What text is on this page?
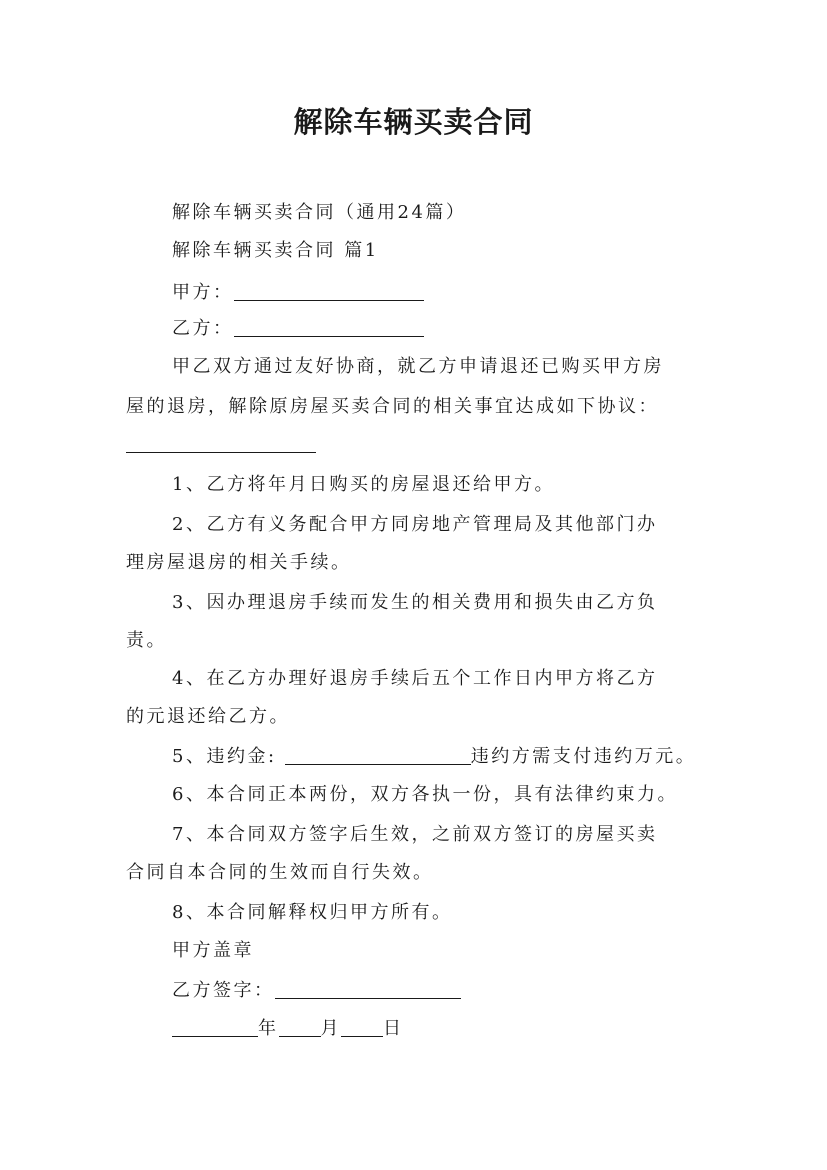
解除车辆买卖合同
解除车辆买卖合同（通用24篇）
解除车辆买卖合同 篇1
甲方：
乙方：
甲乙双方通过友好协商，就乙方申请退还已购买甲方房
屋的退房，解除原房屋买卖合同的相关事宜达成如下协议：
1、乙方将年月日购买的房屋退还给甲方。
2、乙方有义务配合甲方同房地产管理局及其他部门办
理房屋退房的相关手续。
3、因办理退房手续而发生的相关费用和损失由乙方负
责。
4、在乙方办理好退房手续后五个工作日内甲方将乙方
的元退还给乙方。
5、违约金:	违约方需支付违约万元。
6、本合同正本两份，双方各执一份，具有法律约束力。
7、本合同双方签字后生效，之前双方签订的房屋买卖
合同自本合同的生效而自行失效。
8、本合同解释权归甲方所有。
甲方盖章
乙方签字：
年 月 日
